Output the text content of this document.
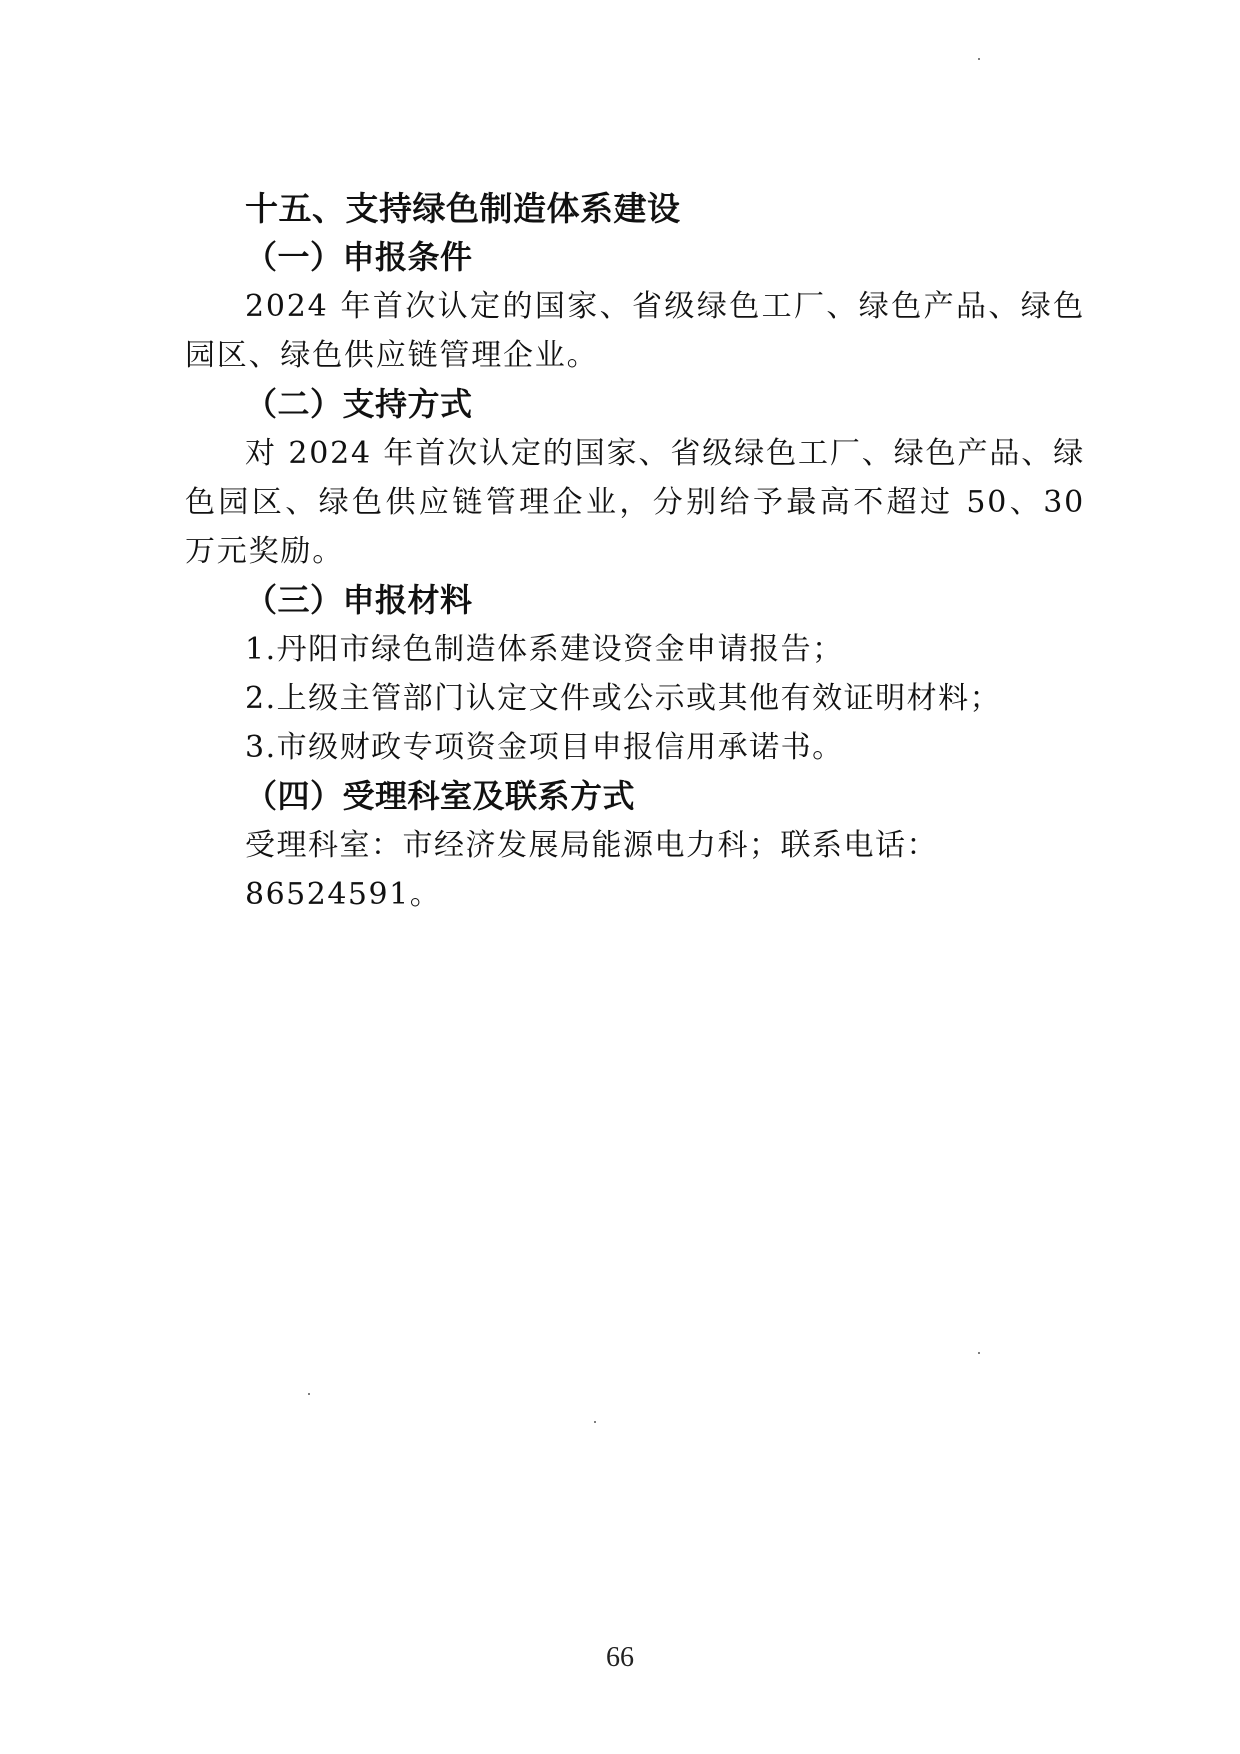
十五、支持绿色制造体系建设
（一）申报条件

2024 年首次认定的国家、省级绿色工厂、绿色产品、绿色园区、绿色供应链管理企业。

（二）支持方式

对 2024 年首次认定的国家、省级绿色工厂、绿色产品、绿色园区、绿色供应链管理企业，分别给予最高不超过 50、30 万元奖励。

（三）申报材料

1.丹阳市绿色制造体系建设资金申请报告；

2.上级主管部门认定文件或公示或其他有效证明材料；

3.市级财政专项资金项目申报信用承诺书。

（四）受理科室及联系方式

受理科室：市经济发展局能源电力科；联系电话：86524591。

66
